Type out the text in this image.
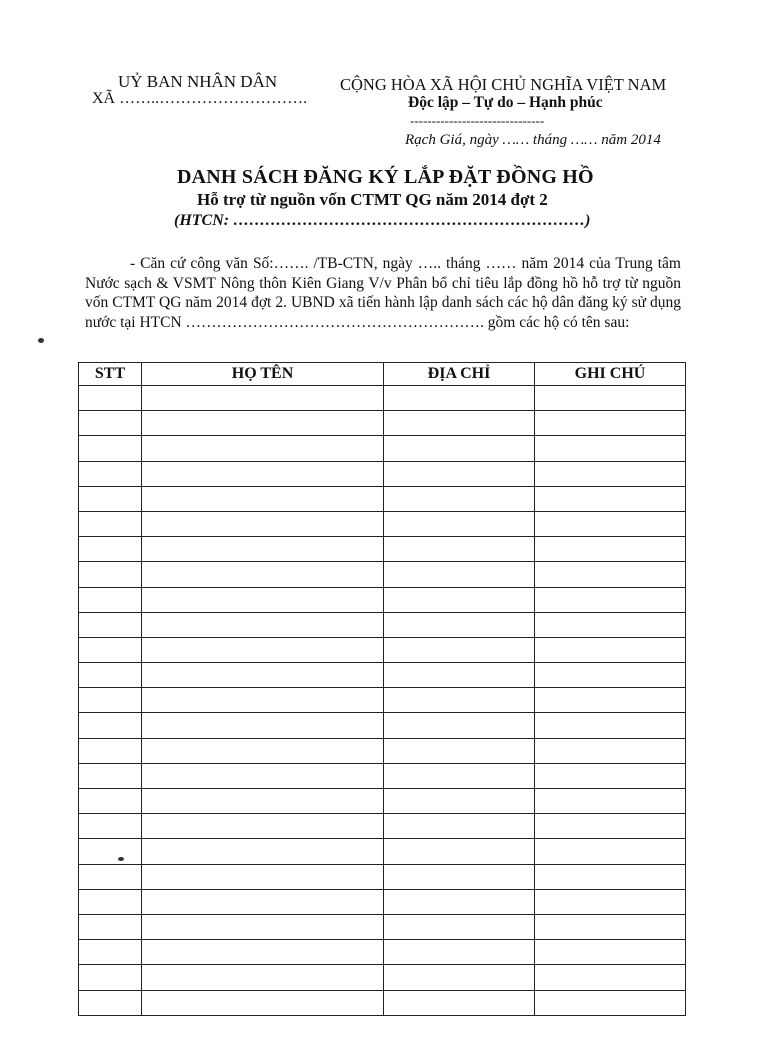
UỶ BAN NHÂN DÂN
XÃ ……..……………………….
CỘNG HÒA XÃ HỘI CHỦ NGHĨA VIỆT NAM
Độc lập – Tự do – Hạnh phúc
-------------------------------
Rạch Giá, ngày …… tháng …… năm 2014
DANH SÁCH ĐĂNG KÝ LẮP ĐẶT ĐỒNG HỒ
Hỗ trợ từ nguồn vốn CTMT QG năm 2014 đợt 2
(HTCN: …………………………………………………………)
- Căn cứ công văn Số:……. /TB-CTN, ngày ….. tháng …… năm 2014 của Trung tâm Nước sạch & VSMT Nông thôn Kiên Giang V/v Phân bổ chỉ tiêu lắp đồng hồ hỗ trợ từ nguồn vốn CTMT QG năm 2014 đợt 2. UBND xã tiến hành lập danh sách các hộ dân đăng ký sử dụng nước tại HTCN …………………………………………………. gồm các hộ có tên sau:
STT	HỌ TÊN	ĐỊA CHỈ	GHI CHÚ
